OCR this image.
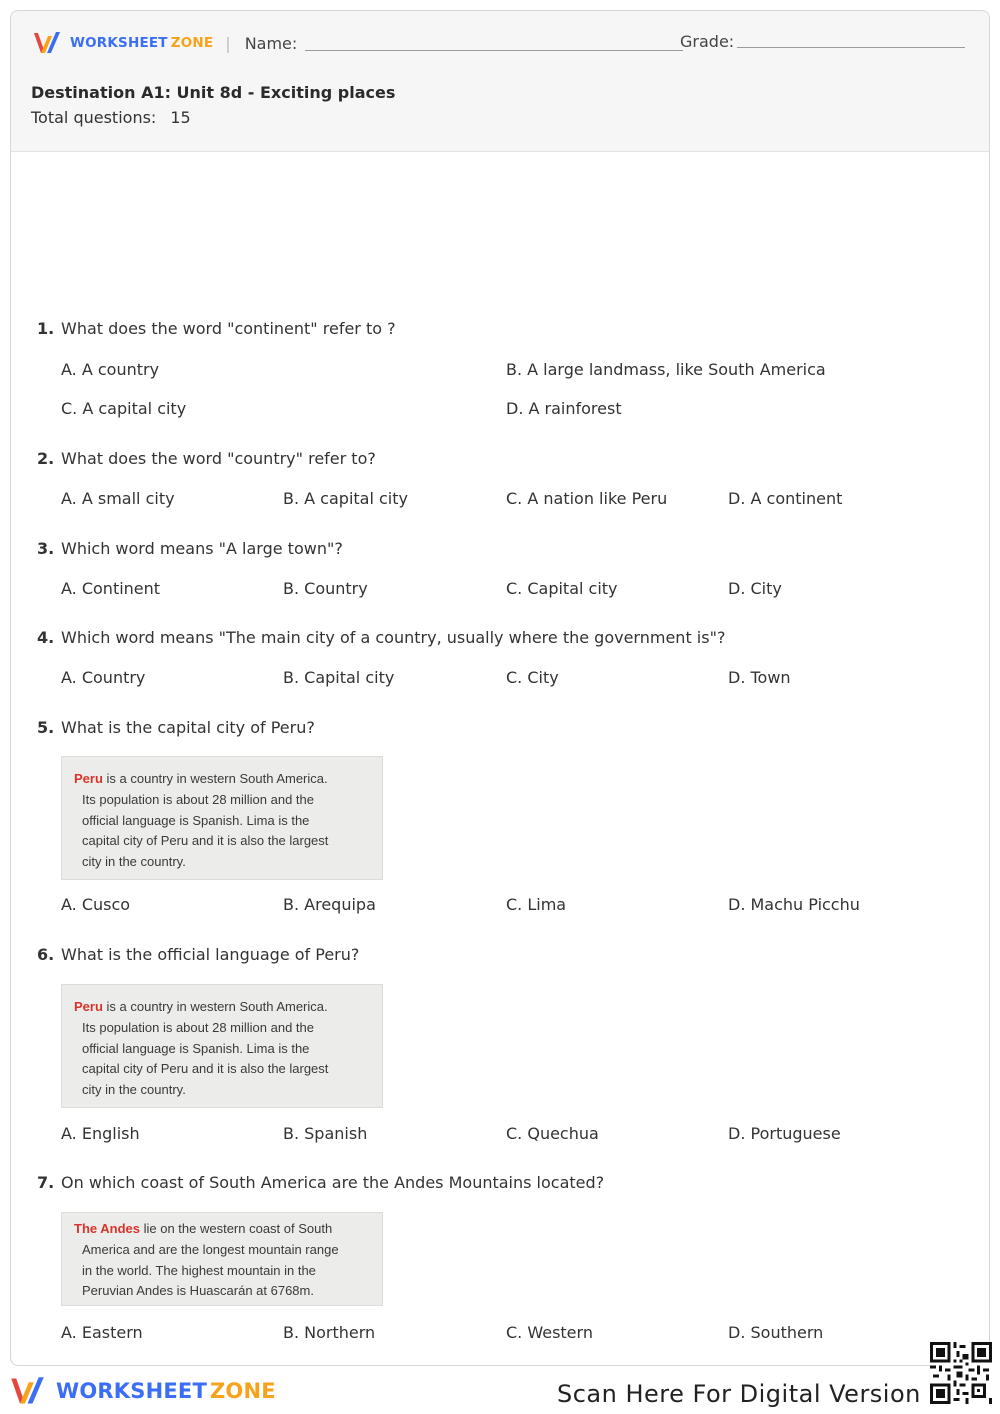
WORKSHEET ZONE | Name:	Grade:
Destination A1: Unit 8d - Exciting places
Total questions: 15
1. What does the word "continent" refer to ?
A. A country	B. A large landmass, like South America
C. A capital city	D. A rainforest
2. What does the word "country" refer to?
A. A small city	B. A capital city	C. A nation like Peru	D. A continent
3. Which word means "A large town"?
A. Continent	B. Country	C. Capital city	D. City
4. Which word means "The main city of a country, usually where the government is"?
A. Country	B. Capital city	C. City	D. Town
5. What is the capital city of Peru?
Peru is a country in western South America.
Its population is about 28 million and the
official language is Spanish. Lima is the
capital city of Peru and it is also the largest
city in the country.
A. Cusco	B. Arequipa	C. Lima	D. Machu Picchu
6. What is the official language of Peru?
Peru is a country in western South America.
Its population is about 28 million and the
official language is Spanish. Lima is the
capital city of Peru and it is also the largest
city in the country.
A. English	B. Spanish	C. Quechua	D. Portuguese
7. On which coast of South America are the Andes Mountains located?
The Andes lie on the western coast of South
America and are the longest mountain range
in the world. The highest mountain in the
Peruvian Andes is Huascarán at 6768m.
A. Eastern	B. Northern	C. Western	D. Southern
WORKSHEET ZONE	Scan Here For Digital Version
